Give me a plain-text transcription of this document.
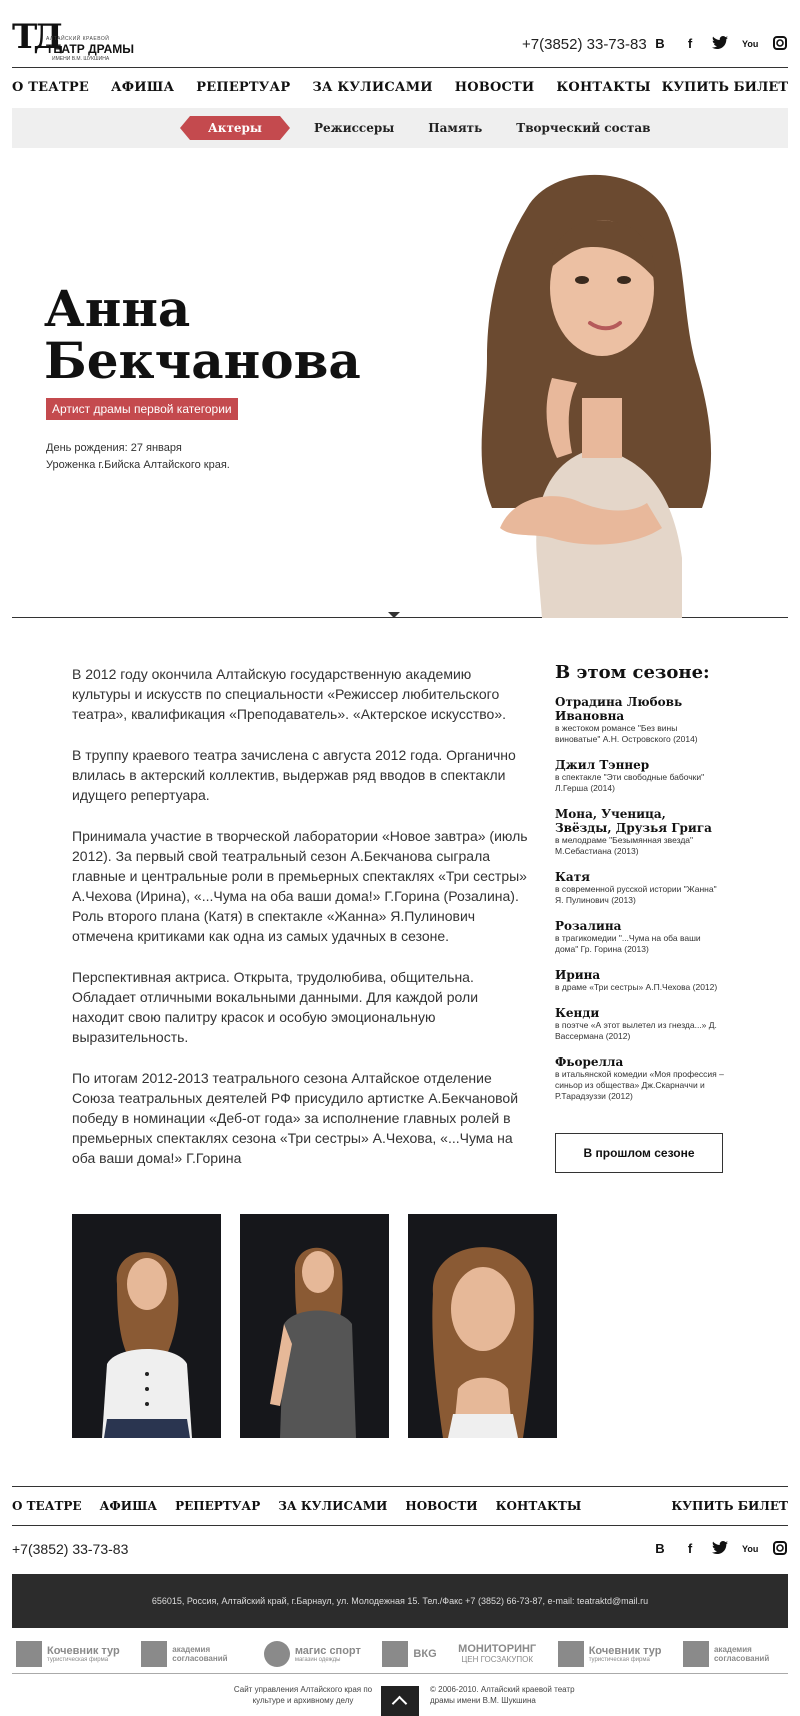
ТД
АЛТАЙСКИЙ КРАЕВОЙ
ТЕАТР ДРАМЫ
ИМЕНИ В.М. ШУКШИНА
+7(3852) 33-73-83 В	f	You
О ТЕАТРЕ АФИША РЕПЕРТУАР ЗА КУЛИСАМИ НОВОСТИ КОНТАКТЫ КУПИТЬ БИЛЕТ
Актеры	Режиссеры	Память	Творческий состав
Анна
Бекчанова
Артист драмы первой категории
День рождения: 27 января
Уроженка г.Бийска Алтайского края.

В 2012 году окончила Алтайскую государственную академию культуры и искусств по специальности «Режиссер любительского театра», квалификация «Преподаватель». «Актерское искусство».

В труппу краевого театра зачислена с августа 2012 года. Органично влилась в актерский коллектив, выдержав ряд вводов в спектакли идущего репертуара.

Принимала участие в творческой лаборатории «Новое завтра» (июль 2012). За первый свой театральный сезон А.Бекчанова сыграла главные и центральные роли в премьерных спектаклях «Три сестры» А.Чехова (Ирина), «...Чума на оба ваши дома!» Г.Горина (Розалина). Роль второго плана (Катя) в спектакле «Жанна» Я.Пулинович отмечена критиками как одна из самых удачных в сезоне.

Перспективная актриса. Открыта, трудолюбива, общительна. Обладает отличными вокальными данными. Для каждой роли находит свою палитру красок и особую эмоциональную выразительность.

По итогам 2012-2013 театрального сезона Алтайское отделение Союза театральных деятелей РФ присудило артистке А.Бекчановой победу в номинации «Деб-от года» за исполнение главных ролей в премьерных спектаклях сезона «Три сестры» А.Чехова, «...Чума на оба ваши дома!» Г.Горина

В этом сезоне:
Отрадина Любовь Ивановна
в жестоком романсе "Без вины виноватые" А.Н. Островского (2014)
Джил Тэннер
в спектакле "Эти свободные бабочки" Л.Герша (2014)
Мона, Ученица, Звёзды, Друзья Грига
в мелодраме "Безымянная звезда" М.Себастиана (2013)
Катя
в современной русской истории "Жанна" Я. Пулинович (2013)
Розалина
в трагикомедии "...Чума на оба ваши дома" Гр. Горина (2013)
Ирина
в драме «Три сестры» А.П.Чехова (2012)
Кенди
в поэтче «А этот вылетел из гнезда...» Д. Вассермана (2012)
Фьорелла
в итальянской комедии «Моя профессия – синьор из общества» Дж.Скарначчи и Р.Тарадзуззи (2012)
В прошлом сезоне
О ТЕАТРЕ АФИША РЕПЕРТУАР ЗА КУЛИСАМИ НОВОСТИ КОНТАКТЫ	КУПИТЬ БИЛЕТ
+7(3852) 33-73-83	В	f	You
656015, Россия, Алтайский край, г.Барнаул, ул. Молодежная 15. Тел./Факс +7 (3852) 66-73-87, e-mail: teatraktd@mail.ru
Кочевник тур
туристическая фирма
академия согласований
магис спорт
магазин одежды	ВКG МОНИТОРИНГ
ЦЕН ГОСЗАКУПОК
Кочевник тур
туристическая фирма
академия согласований
Сайт управления Алтайского края по культуре и архивному делу
© 2006-2010. Алтайский краевой театр драмы имени В.М. Шукшина
